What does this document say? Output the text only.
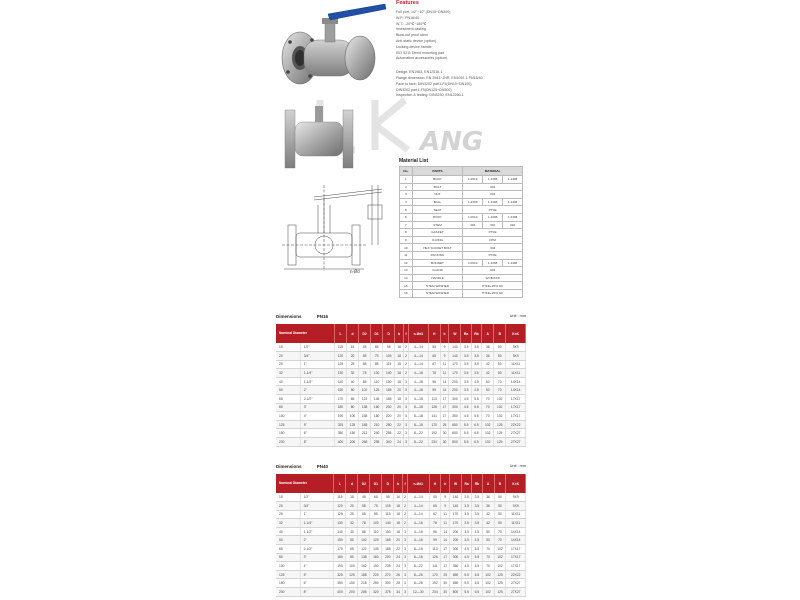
Features
Full port, 1/2"~10" (DN15~DN300)
W.P.: PN16/40
W.T.: -20℃~180℃
Investment casting
Blow-out proof stem
Anti-static device (option)
Locking device handle
ISO 5211 Direct mounting pad
Automation accessories (option)
Design: EN1983, EN12516-1
Flange dimension: EN 2543~JNR, EN1092-1 PN16/40
Face to face: DIN3202 part1-F4(DN15~DN100),
DIN3202 part1-F5(DN125~DN300)
Inspection & testing: DIN3230, EN12266-1
ANG
n-Ød
Material List
No.	PARTS	MATERIAL		
1	BODY	1.0619	1.4308	1.4408
2	BOLT	304		
3	NUT	304		
4	BALL	1.4308	1.4408	1.4408
5	SEAT	PTFE		
6	BODY	1.0619	1.4308	1.4408
7	STEM	304	304	316
8	GASKET	PTFE		
9	O-RING	FPM		
10	HEX SOCKET BOLT	304		
11	PACKING	PTFE		
12	BONNET	1.0619	1.4308	1.4408
13	GLAND	304		
14	HANDLE	WCB/CF8		
15	STEM WASHER	PTFE+25% GF		
16	STEM WASHER	PTFE+25% GF		
Dimensions	PN16	Unit : mm
Nominal Diameter		L	d	D2	D1	D	b	f	n-Ød1	H	h	W	Ra	Rb	A	B	K×K
15	1/2"	115	15	45	65	95	16	2	4—14	55	9	140	3.5	3.5	36	50	9X9
20	3/4"	120	20	58	75	105	18	2	4—14	65	9	140	3.5	3.5	36	50	9X9
25	1"	125	25	68	85	115	18	2	4—14	67	11	170	3.5	3.5	42	50	11X11
32	1-1/4"	130	32	78	100	140	18	2	4—18	78	11	170	3.5	3.5	42	50	11X11
40	1-1/2"	140	40	88	110	150	18	3	4—18	96	14	200	3.5	4.5	50	70	14X14
50	2"	150	50	102	125	165	20	3	4—18	99	14	200	3.5	4.5	50	70	14X14
65	2-1/2"	170	65	122	145	185	18	3	4—18	113	17	300	4.5	5.5	70	102	17X17
80	3"	180	80	138	160	200	20	3	8—18	126	17	300	4.5	5.5	70	102	17X17
100	4"	190	100	158	180	220	20	3	8—18	141	17	350	4.5	5.5	70	102	17X17
125	5"	325	125	188	210	250	22	3	8—18	170	25	650	5.5	6.5	102	125	22X22
150	6"	350	150	212	240	285	22	3	8—22	192	30	650	5.5	6.5	102	125	27X27
200	8"	400	200	268	295	340	24	3	8—22	234	30	800	5.5	6.5	102	125	27X27
Dimensions	PN40	Unit : mm
Nominal Diameter		L	d	D2	D1	D	b	f	n-Ød1	H	h	W	Ra	Rb	A	B	K×K
15	1/2"	115	15	45	65	95	16	2	4—14	55	9	140	3.5	3.5	36	50	9X9
20	3/4"	120	20	58	75	105	18	2	4—14	65	9	140	3.5	3.5	36	50	9X9
25	1"	125	25	68	85	115	18	2	4—14	67	11	170	3.5	3.5	42	50	11X11
32	1-1/4"	130	32	78	100	140	18	2	4—18	78	11	170	3.5	3.5	42	50	11X11
40	1-1/2"	140	40	88	110	150	18	3	4—18	96	14	200	3.5	4.5	50	70	14X14
50	2"	150	50	102	125	165	20	3	4—18	99	14	200	3.5	4.5	50	70	14X14
65	2-1/2"	170	65	122	145	185	22	3	8—18	113	17	300	4.5	5.5	70	102	17X17
80	3"	180	80	138	160	200	24	3	8—18	126	17	300	4.5	5.5	70	102	17X17
100	4"	190	100	162	190	235	24	3	8—22	141	17	350	4.5	5.5	70	102	17X17
125	5"	325	125	188	220	270	26	3	8—26	170	25	650	5.5	6.5	102	125	22X22
150	6"	350	150	218	250	300	28	3	8—26	192	30	650	5.5	6.5	102	125	27X27
200	8"	400	200	285	320	375	34	3	12—30	234	30	800	5.5	6.5	102	125	27X27
